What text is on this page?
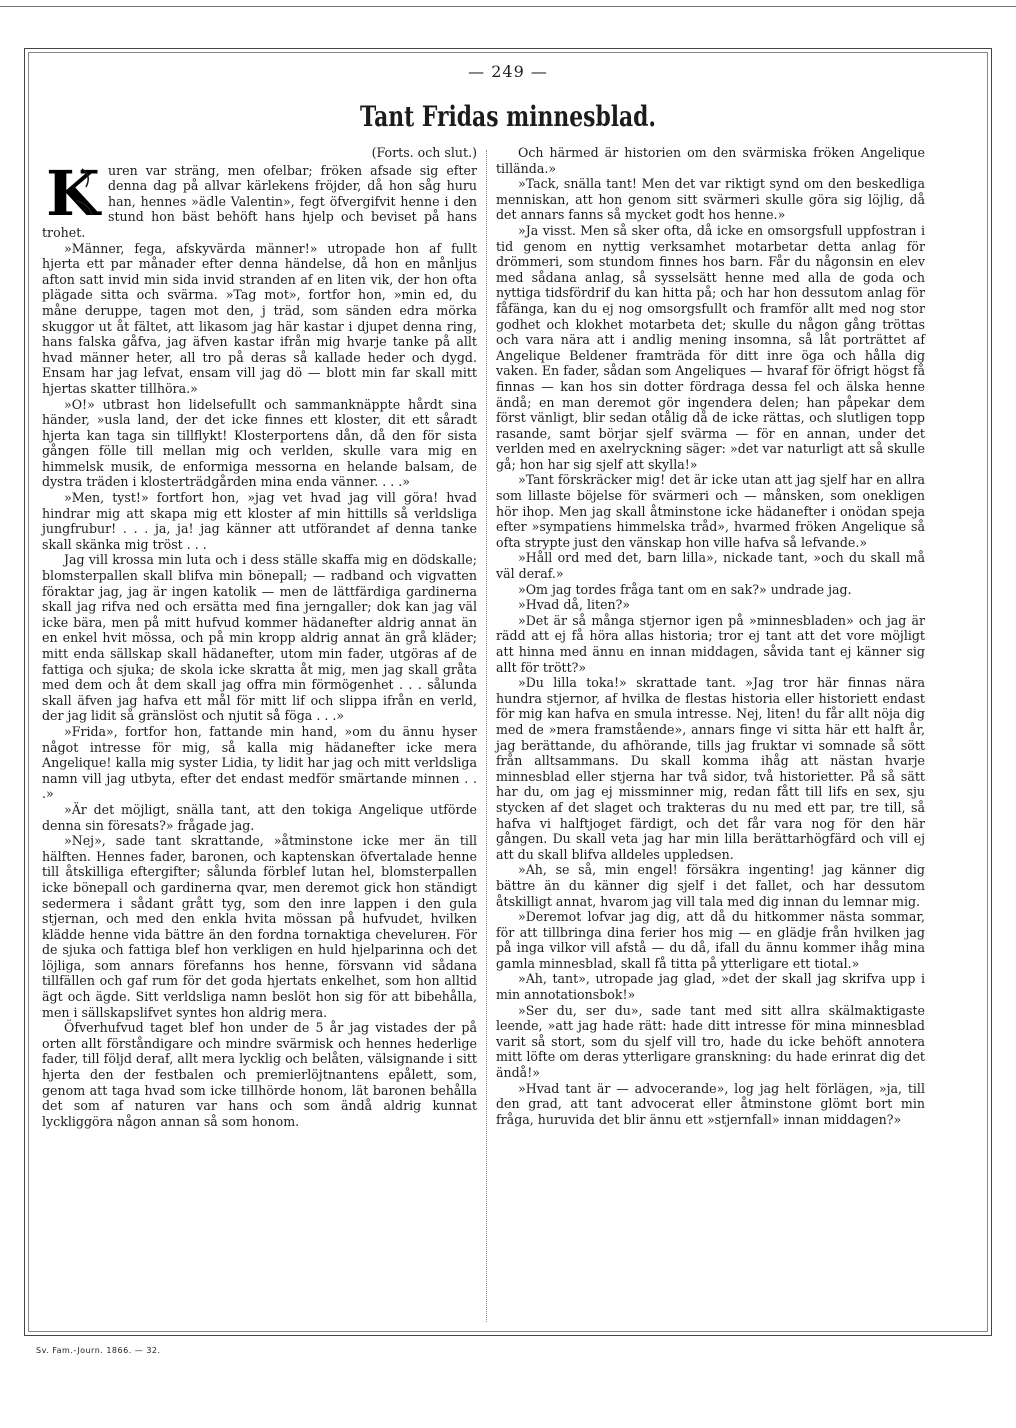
— 249 —
Tant Fridas minnesblad.

(Forts. och slut.)

K uren var sträng, men ofelbar; fröken afsade sig efter denna dag på allvar kärlekens fröjder, då hon såg huru han, hennes »ädle Valentin», fegt öfvergifvit henne i den stund hon bäst behöft hans hjelp och beviset på hans trohet.

»Männer, fega, afskyvärda männer!» utropade hon af fullt hjerta ett par månader efter denna händelse, då hon en månljus afton satt invid min sida invid stranden af en liten vik, der hon ofta plägade sitta och svärma. »Tag mot», fortfor hon, »min ed, du måne deruppe, tagen mot den, j träd, som sänden edra mörka skuggor ut åt fältet, att likasom jag här kastar i djupet denna ring, hans falska gåfva, jag äfven kastar ifrån mig hvarje tanke på allt hvad männer heter, all tro på deras så kallade heder och dygd. Ensam har jag lefvat, ensam vill jag dö — blott min far skall mitt hjertas skatter tillhöra.»

»O!» utbrast hon lidelsefullt och sammanknäppte hårdt sina händer, »usla land, der det icke finnes ett kloster, dit ett såradt hjerta kan taga sin tillflykt! Klosterportens dån, då den för sista gången fölle till mellan mig och verlden, skulle vara mig en himmelsk musik, de enformiga messorna en helande balsam, de dystra träden i klosterträdgården mina enda vänner. . . .»

»Men, tyst!» fortfort hon, »jag vet hvad jag vill göra! hvad hindrar mig att skapa mig ett kloster af min hittills så verldsliga jungfrubur! . . . ja, ja! jag känner att utförandet af denna tanke skall skänka mig tröst . . .

Jag vill krossa min luta och i dess ställe skaffa mig en dödskalle; blomsterpallen skall blifva min bönepall; — radband och vigvatten föraktar jag, jag är ingen katolik — men de lättfärdiga gardinerna skall jag rifva ned och ersätta med fina jerngaller; dok kan jag väl icke bära, men på mitt hufvud kommer hädanefter aldrig annat än en enkel hvit mössa, och på min kropp aldrig annat än grå kläder; mitt enda sällskap skall hädanefter, utom min fader, utgöras af de fattiga och sjuka; de skola icke skratta åt mig, men jag skall gråta med dem och åt dem skall jag offra min förmögenhet . . . sålunda skall äfven jag hafva ett mål för mitt lif och slippa ifrån en verld, der jag lidit så gränslöst och njutit så föga . . .»

»Frida», fortfor hon, fattande min hand, »om du ännu hyser något intresse för mig, så kalla mig hädanefter icke mera Angelique! kalla mig syster Lidia, ty lidit har jag och mitt verldsliga namn vill jag utbyta, efter det endast medför smärtande minnen . . .»

»Är det möjligt, snälla tant, att den tokiga Angelique utförde denna sin föresats?» frågade jag.

»Nej», sade tant skrattande, »åtminstone icke mer än till hälften. Hennes fader, baronen, och kaptenskan öfvertalade henne till åtskilliga eftergifter; sålunda förblef lutan hel, blomsterpallen icke bönepall och gardinerna qvar, men deremot gick hon ständigt sedermera i sådant grått tyg, som den inre lappen i den gula stjernan, och med den enkla hvita mössan på hufvudet, hvilken klädde henne vida bättre än den fordna tornaktiga chevelurен. För de sjuka och fattiga blef hon verkligen en huld hjelparinna och det löjliga, som annars förefanns hos henne, försvann vid sådana tillfällen och gaf rum för det goda hjertats enkelhet, som hon alltid ägt och ägde. Sitt verldsliga namn beslöt hon sig för att bibehålla, men i sällskapslifvet syntes hon aldrig mera.

Öfverhufvud taget blef hon under de 5 år jag vistades der på orten allt förståndigare och mindre svärmisk och hennes hederlige fader, till följd deraf, allt mera lycklig och belåten, välsignande i sitt hjerta den der festbalen och premierlöjtnantens epålett, som, genom att taga hvad som icke tillhörde honom, lät baronen behålla det som af naturen var hans och som ändå aldrig kunnat lyckliggöra någon annan så som honom.

Och härmed är historien om den svärmiska fröken Angelique tilländа.»

»Tack, snälla tant! Men det var riktigt synd om den beskedliga menniskan, att hon genom sitt svärmeri skulle göra sig löjlig, då det annars fanns så mycket godt hos henne.»

»Ja visst. Men så sker ofta, då icke en omsorgsfull uppfostran i tid genom en nyttig verksamhet motarbetar detta anlag för drömmeri, som stundom finnes hos barn. Får du någonsin en elev med sådana anlag, så sysselsätt henne med alla de goda och nyttiga tidsfördrif du kan hitta på; och har hon dessutom anlag för fåfänga, kan du ej nog omsorgsfullt och framför allt med nog stor godhet och klokhet motarbeta det; skulle du någon gång tröttas och vara nära att i andlig mening insomna, så låt porträttet af Angelique Beldener framträda för ditt inre öga och hålla dig vaken. En fader, sådan som Angeliques — hvaraf för öfrigt högst få finnas — kan hos sin dotter fördraga dessa fel och älska henne ändå; en man deremot gör ingendera delen; han påpekar dem först vänligt, blir sedan otålig då de icke rättas, och slutligen topp rasande, samt börjar sjelf svärma — för en annan, under det verlden med en axelryckning säger: »det var naturligt att så skulle gå; hon har sig sjelf att skylla!»

»Tant förskräcker mig! det är icke utan att jag sjelf har en allra som lillaste böjelse för svärmeri och — månsken, som onekligen hör ihop. Men jag skall åtminstone icke hädanefter i onödan speja efter »sympatiens himmelska tråd», hvarmed fröken Angelique så ofta strypte just den vänskap hon ville hafva så lefvande.»

»Håll ord med det, barn lilla», nickade tant, »och du skall må väl deraf.»

»Om jag tordes fråga tant om en sak?» undrade jag.

»Hvad då, liten?»

»Det är så många stjernor igen på »minnesbladen» och jag är rädd att ej få höra allas historia; tror ej tant att det vore möjligt att hinna med ännu en innan middagen, såvida tant ej känner sig allt för trött?»

»Du lilla toka!» skrattade tant. »Jag tror här finnas nära hundra stjernor, af hvilka de flestas historia eller historiett endast för mig kan hafva en smula intresse. Nej, liten! du får allt nöja dig med de »mera framstående», annars finge vi sitta här ett halft år, jag berättande, du afhörande, tills jag fruktar vi somnade så sött från alltsammans. Du skall komma ihåg att nästan hvarje minnesblad eller stjerna har två sidor, två historietter. På så sätt har du, om jag ej missminner mig, redan fått till lifs en sex, sju stycken af det slaget och trakteras du nu med ett par, tre till, så hafva vi halftjoget färdigt, och det får vara nog för den här gången. Du skall veta jag har min lilla berättarhögfärd och vill ej att du skall blifva alldeles uppledsen.

»Ah, se så, min engel! försäkra ingenting! jag känner dig bättre än du känner dig sjelf i det fallet, och har dessutom åtskilligt annat, hvarom jag vill tala med dig innan du lemnar mig.

»Deremot lofvar jag dig, att då du hitkommer nästa sommar, för att tillbringa dina ferier hos mig — en glädje från hvilken jag på inga vilkor vill afstå — du då, ifall du ännu kommer ihåg mina gamla minnesblad, skall få titta på ytterligare ett tiotal.»

»Ah, tant», utropade jag glad, »det der skall jag skrifva upp i min annotationsbok!»

»Ser du, ser du», sade tant med sitt allra skälmaktigaste leende, »att jag hade rätt: hade ditt intresse för mina minnesblad varit så stort, som du sjelf vill tro, hade du icke behöft annotera mitt löfte om deras ytterligare granskning: du hade erinrat dig det ändå!»

»Hvad tant är — advocerande», log jag helt förlägen, »ja, till den grad, att tant advocerat eller åtminstone glömt bort min fråga, huruvida det blir ännu ett »stjernfall» innan middagen?»

Sv. Fam.-Journ. 1866. — 32.
